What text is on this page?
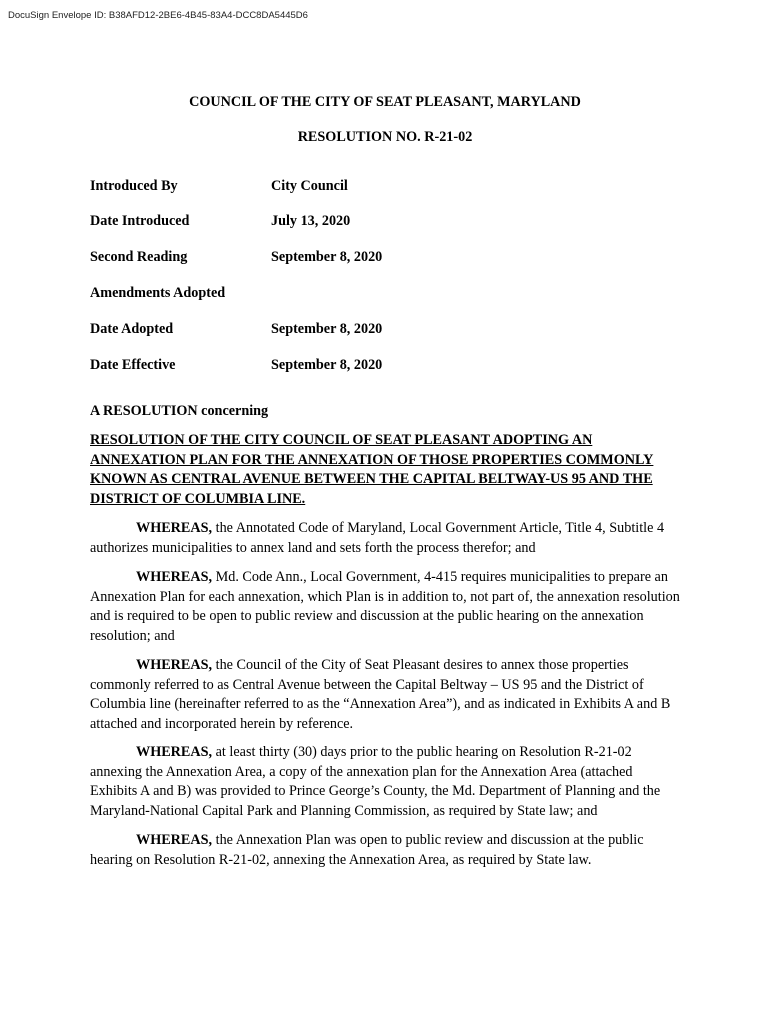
DocuSign Envelope ID: B38AFD12-2BE6-4B45-83A4-DCC8DA5445D6
COUNCIL OF THE CITY OF SEAT PLEASANT, MARYLAND
RESOLUTION NO. R-21-02
Introduced By	City Council
Date Introduced	July 13, 2020
Second Reading	September 8, 2020
Amendments Adopted
Date Adopted	September 8, 2020
Date Effective	September 8, 2020
A RESOLUTION concerning
RESOLUTION OF THE CITY COUNCIL OF SEAT PLEASANT ADOPTING AN ANNEXATION PLAN FOR THE ANNEXATION OF THOSE PROPERTIES COMMONLY KNOWN AS CENTRAL AVENUE BETWEEN THE CAPITAL BELTWAY-US 95 AND THE DISTRICT OF COLUMBIA LINE.
WHEREAS, the Annotated Code of Maryland, Local Government Article, Title 4, Subtitle 4 authorizes municipalities to annex land and sets forth the process therefor; and
WHEREAS, Md. Code Ann., Local Government, 4-415 requires municipalities to prepare an Annexation Plan for each annexation, which Plan is in addition to, not part of, the annexation resolution and is required to be open to public review and discussion at the public hearing on the annexation resolution; and
WHEREAS, the Council of the City of Seat Pleasant desires to annex those properties commonly referred to as Central Avenue between the Capital Beltway – US 95 and the District of Columbia line (hereinafter referred to as the “Annexation Area”), and as indicated in Exhibits A and B attached and incorporated herein by reference.
WHEREAS, at least thirty (30) days prior to the public hearing on Resolution R-21-02 annexing the Annexation Area, a copy of the annexation plan for the Annexation Area (attached Exhibits A and B) was provided to Prince George’s County, the Md. Department of Planning and the Maryland-National Capital Park and Planning Commission, as required by State law; and
WHEREAS, the Annexation Plan was open to public review and discussion at the public hearing on Resolution R-21-02, annexing the Annexation Area, as required by State law.
